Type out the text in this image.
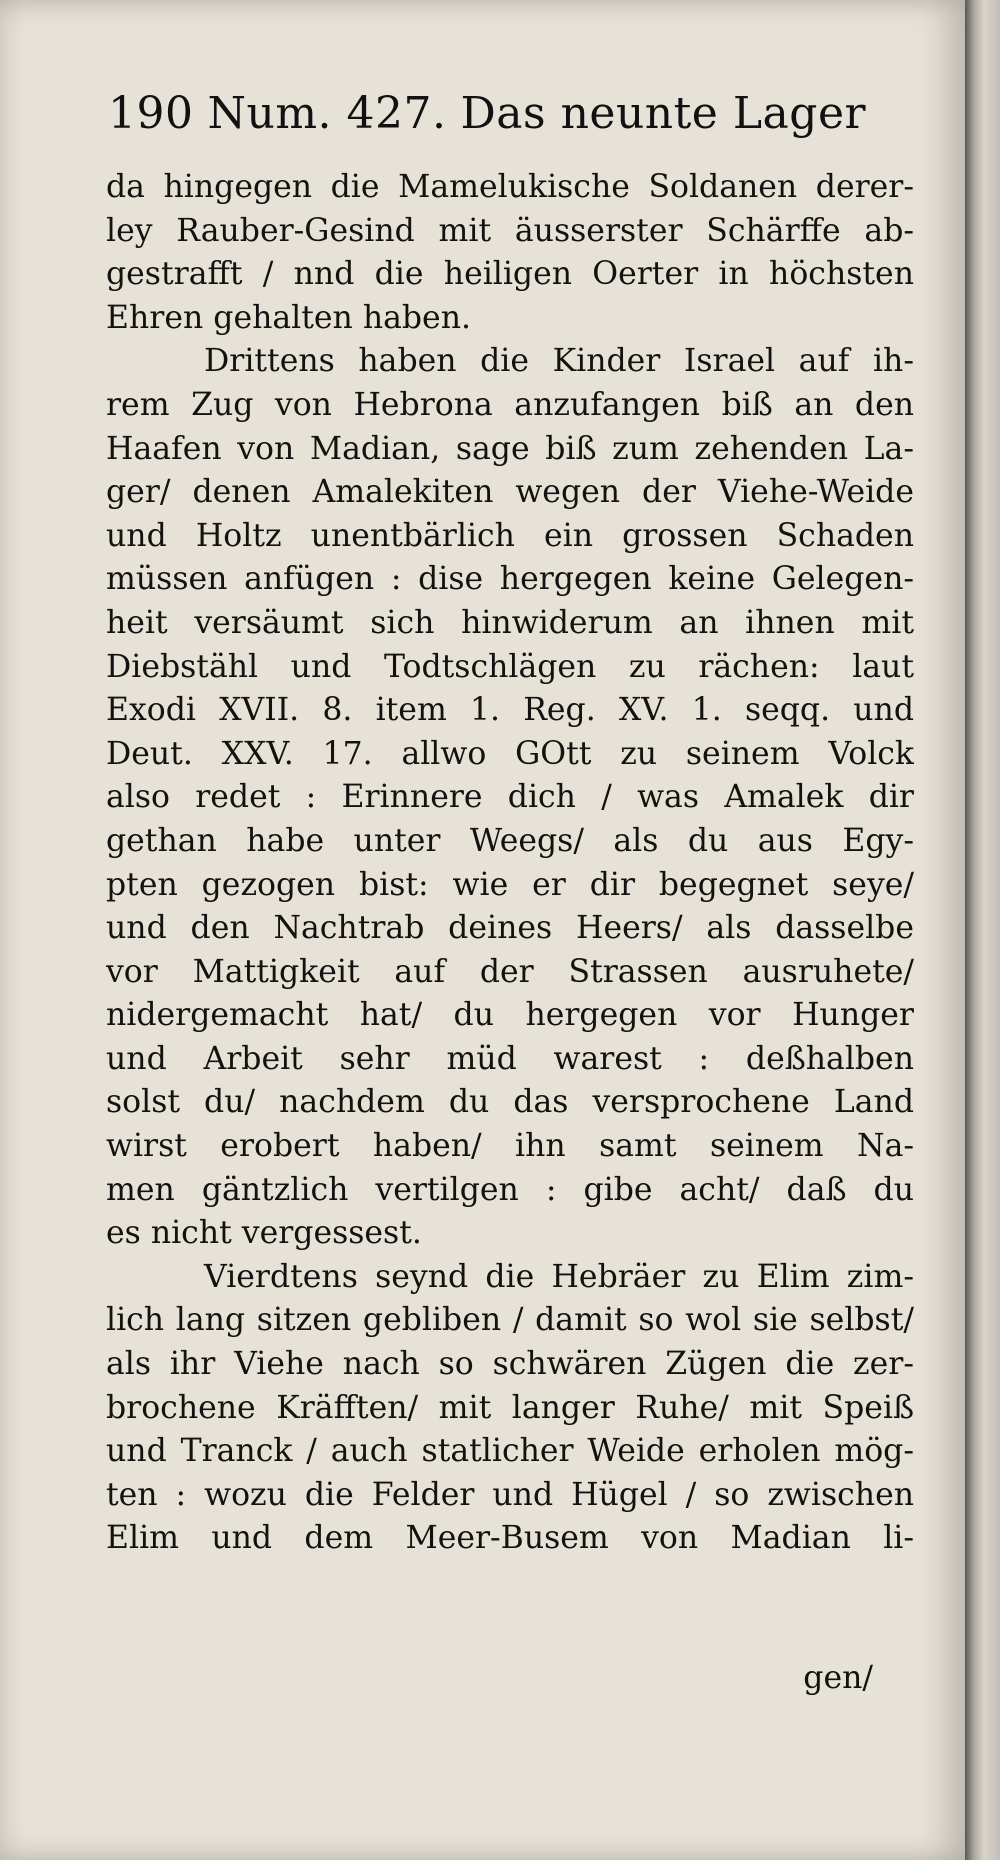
190 Num. 427. Das neunte Lager
da hingegen die Mamelukische Soldanen derer-
ley Rauber-Gesind mit äusserster Schärffe ab-
gestrafft / nnd die heiligen Oerter in höchsten
Ehren gehalten haben.
Drittens haben die Kinder Israel auf ih-
rem Zug von Hebrona anzufangen biß an den
Haafen von Madian, sage biß zum zehenden La-
ger/ denen Amalekiten wegen der Viehe-Weide
und Holtz unentbärlich ein grossen Schaden
müssen anfügen : dise hergegen keine Gelegen-
heit versäumt sich hinwiderum an ihnen mit
Diebstähl und Todtschlägen zu rächen: laut
Exodi XVII. 8. item 1. Reg. XV. 1. seqq. und
Deut. XXV. 17. allwo GOtt zu seinem Volck
also redet : Erinnere dich / was Amalek dir
gethan habe unter Weegs/ als du aus Egy-
pten gezogen bist: wie er dir begegnet seye/
und den Nachtrab deines Heers/ als dasselbe
vor Mattigkeit auf der Strassen ausruhete/
nidergemacht hat/ du hergegen vor Hunger
und Arbeit sehr müd warest : deßhalben
solst du/ nachdem du das versprochene Land
wirst erobert haben/ ihn samt seinem Na-
men gäntzlich vertilgen : gibe acht/ daß du
es nicht vergessest.
Vierdtens seynd die Hebräer zu Elim zim-
lich lang sitzen gebliben / damit so wol sie selbst/
als ihr Viehe nach so schwären Zügen die zer-
brochene Kräfften/ mit langer Ruhe/ mit Speiß
und Tranck / auch statlicher Weide erholen mög-
ten : wozu die Felder und Hügel / so zwischen
Elim und dem Meer-Busem von Madian li-
gen/
